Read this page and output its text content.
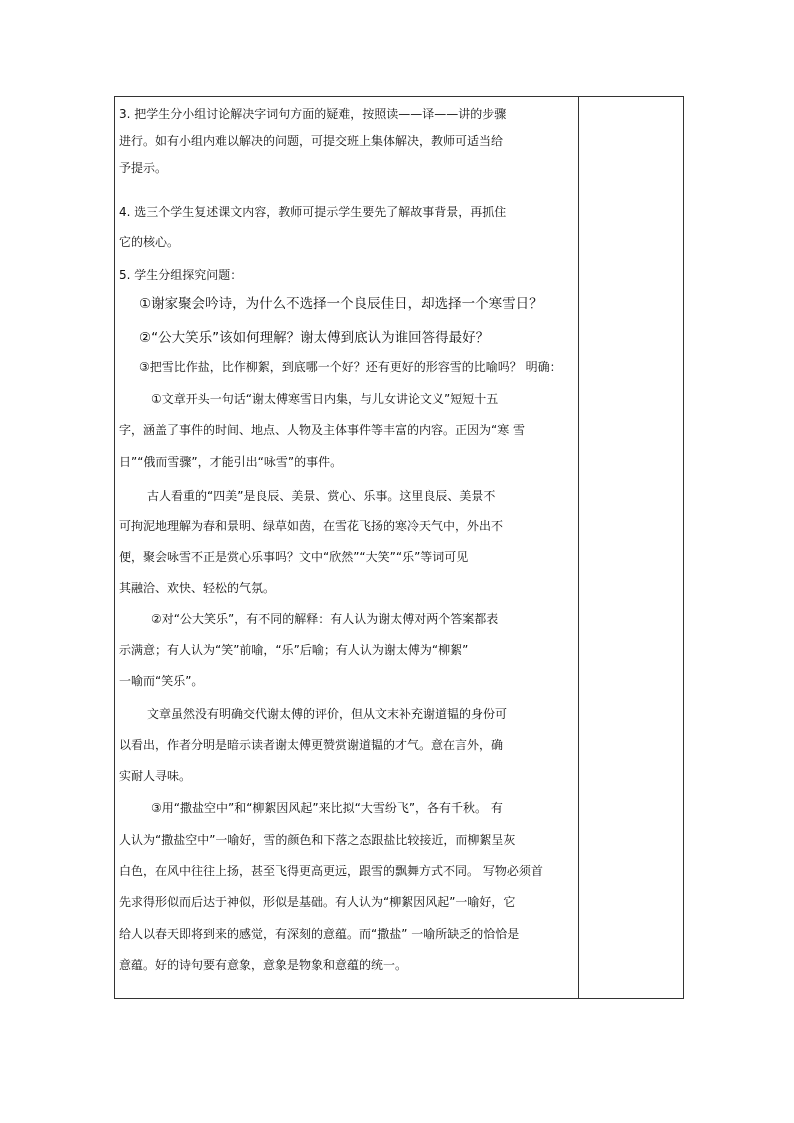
3. 把学生分小组讨论解决字词句方面的疑难，按照读——译——讲的步骤
进行。如有小组内难以解决的问题，可提交班上集体解决，教师可适当给
予提示。
4. 选三个学生复述课文内容，教师可提示学生要先了解故事背景，再抓住
它的核心。
5. 学生分组探究问题：
①谢家聚会吟诗，为什么不选择一个良辰佳日，却选择一个寒雪日？
②“公大笑乐”该如何理解？谢太傅到底认为谁回答得最好？
③把雪比作盐，比作柳絮，到底哪一个好？还有更好的形容雪的比喻吗？ 明确：
①文章开头一句话“谢太傅寒雪日内集，与儿女讲论文义”短短十五
字，涵盖了事件的时间、地点、人物及主体事件等丰富的内容。正因为“寒 雪
日”“俄而雪骤”，才能引出“咏雪”的事件。
古人看重的“四美”是良辰、美景、赏心、乐事。这里良辰、美景不
可拘泥地理解为春和景明、绿草如茵，在雪花飞扬的寒冷天气中，外出不
便，聚会咏雪不正是赏心乐事吗？文中“欣然”“大笑”“乐”等词可见
其融洽、欢快、轻松的气氛。
②对“公大笑乐”，有不同的解释：有人认为谢太傅对两个答案都表
示满意；有人认为“笑”前喻，“乐”后喻；有人认为谢太傅为“柳絮”
一喻而“笑乐”。
文章虽然没有明确交代谢太傅的评价，但从文末补充谢道韫的身份可
以看出，作者分明是暗示读者谢太傅更赞赏谢道韫的才气。意在言外，确
实耐人寻味。
③用“撒盐空中”和“柳絮因风起”来比拟“大雪纷飞”，各有千秋。 有
人认为“撒盐空中”一喻好，雪的颜色和下落之态跟盐比较接近，而柳絮呈灰
白色，在风中往往上扬，甚至飞得更高更远，跟雪的飘舞方式不同。 写物必须首
先求得形似而后达于神似，形似是基础。有人认为“柳絮因风起”一喻好，它
给人以春天即将到来的感觉，有深刻的意蕴。而“撒盐” 一喻所缺乏的恰恰是
意蕴。好的诗句要有意象，意象是物象和意蕴的统一。
